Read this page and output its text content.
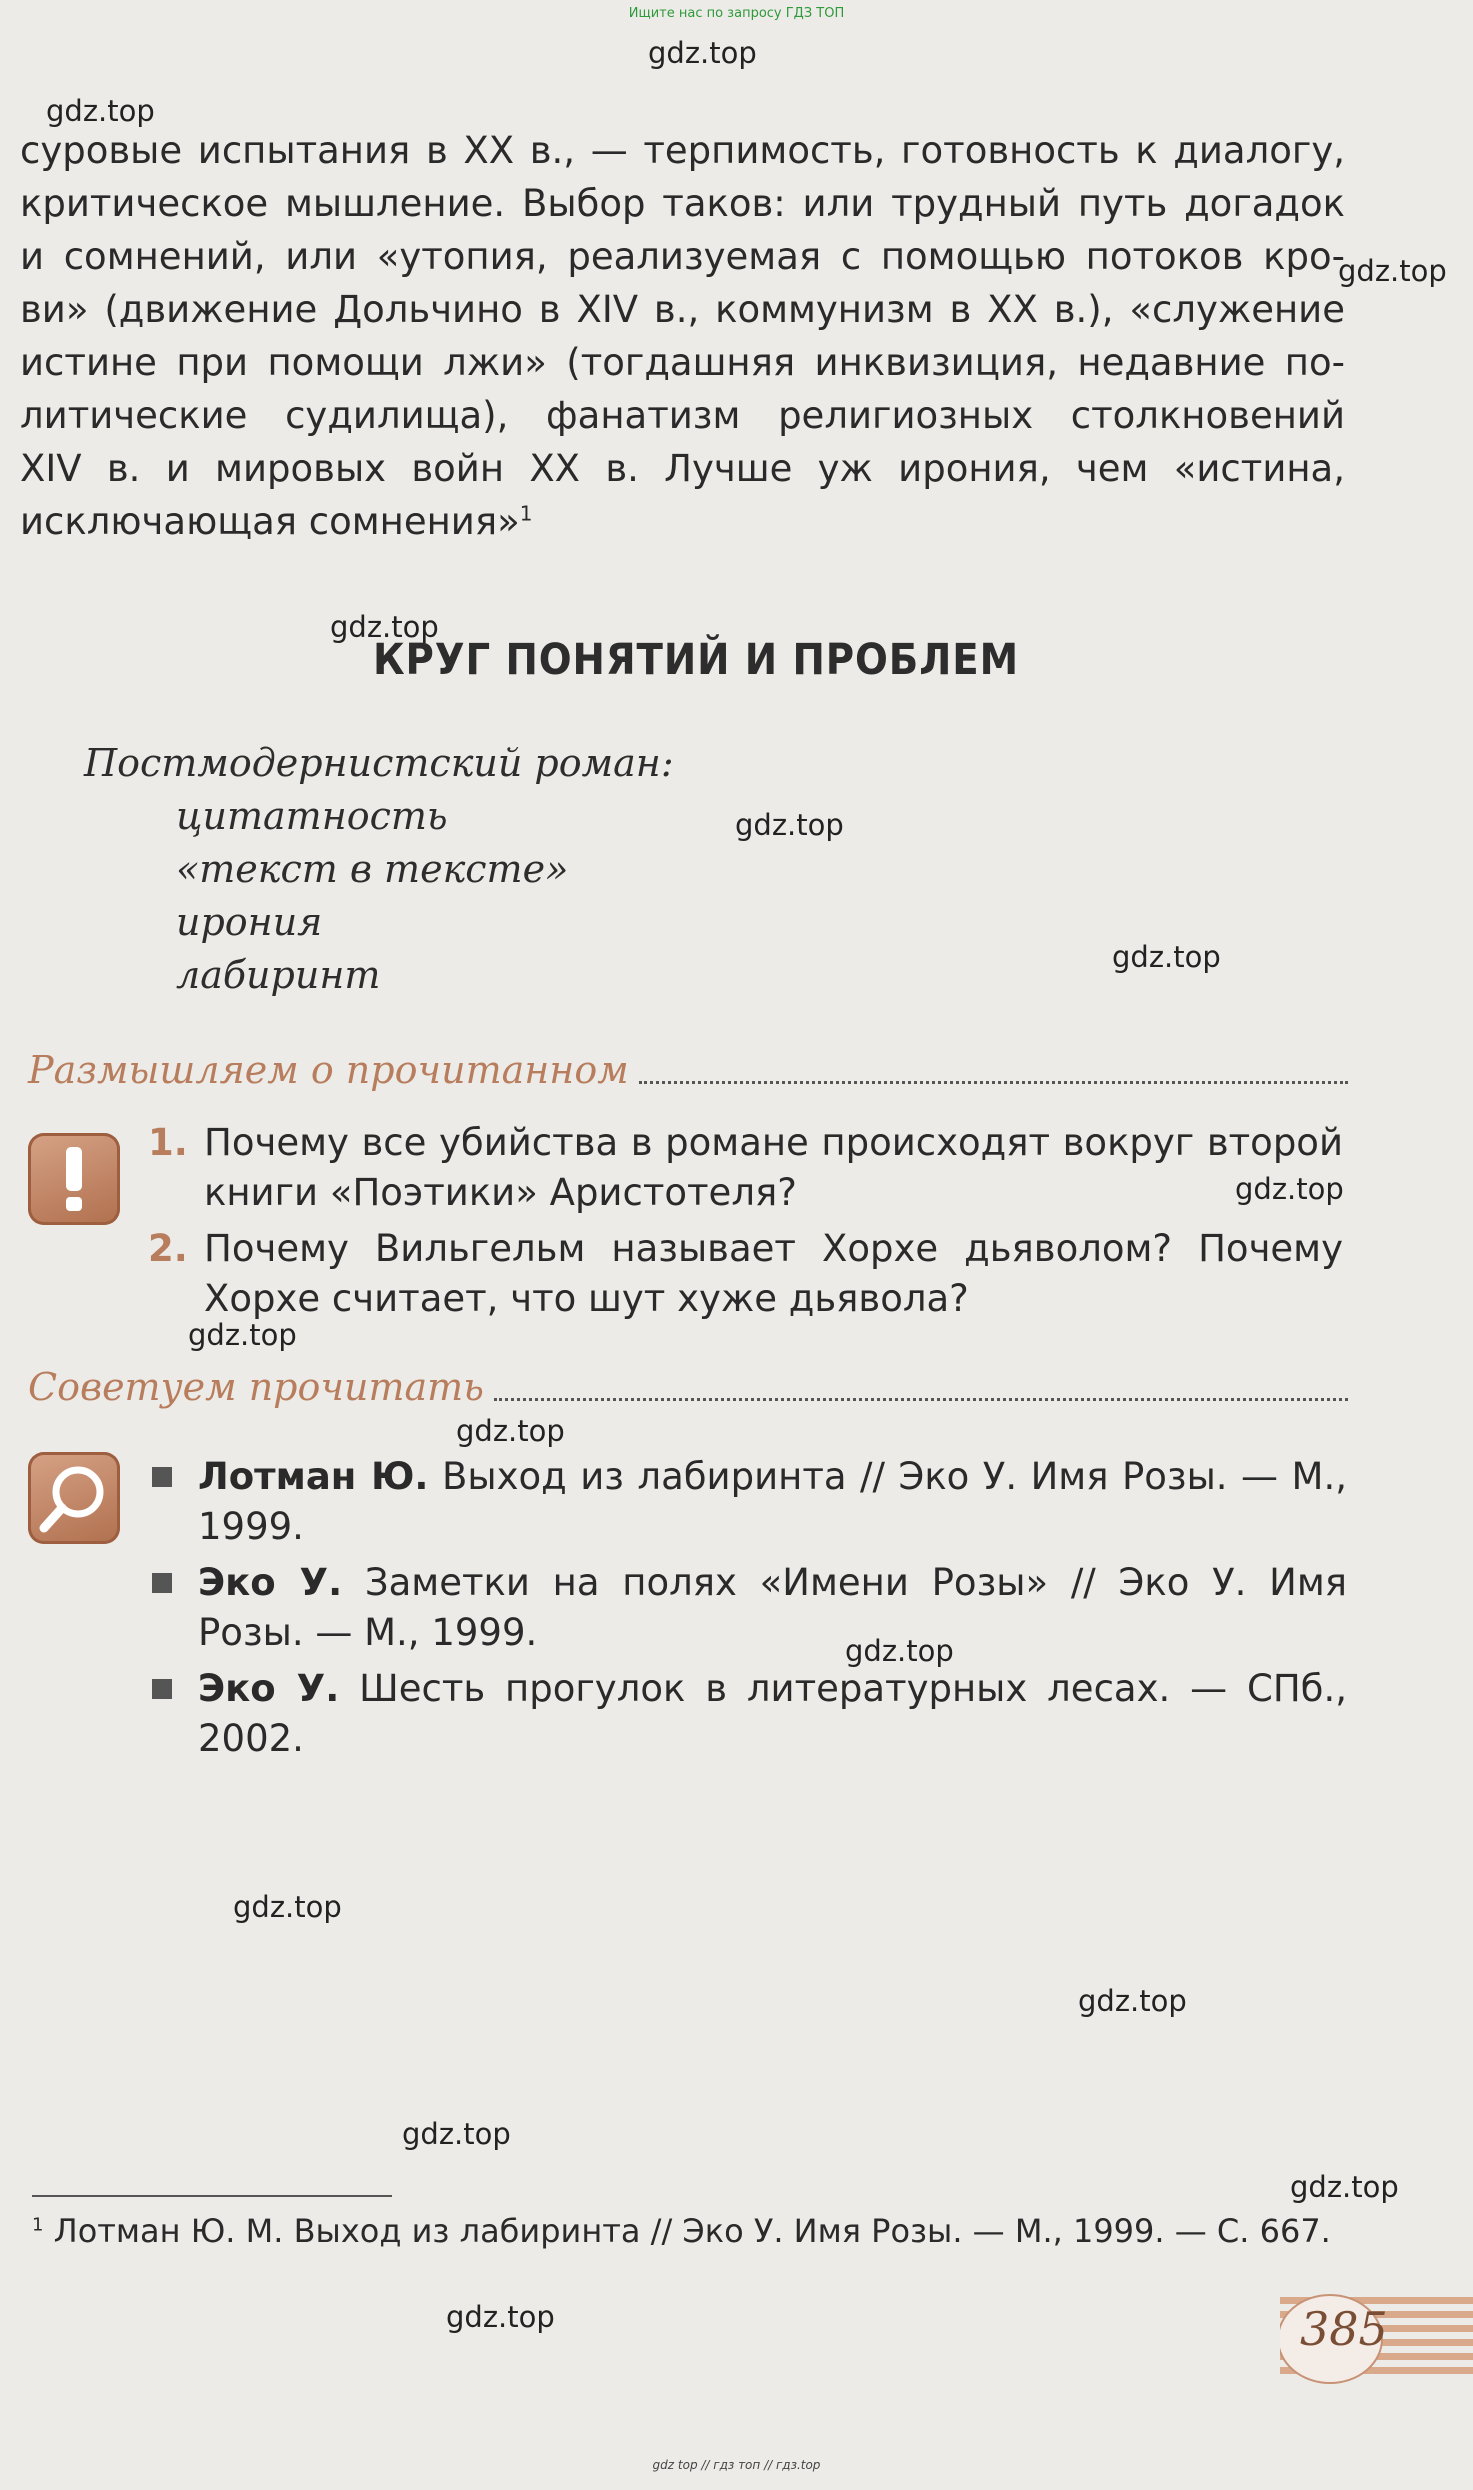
Ищите нас по запросу ГДЗ ТОП
gdz.top
gdz.top
gdz.top
gdz.top
gdz.top
gdz.top
gdz.top
gdz.top
gdz.top
gdz.top
gdz.top
gdz.top
gdz.top
gdz.top
gdz.top

суровые испытания в XX в., — терпимость, готовность к диалогу,

критическое мышление. Выбор таков: или трудный путь догадок

и сомнений, или «утопия, реализуемая с помощью потоков кро-

ви» (движение Дольчино в XIV в., коммунизм в XX в.), «служение

истине при помощи лжи» (тогдашняя инквизиция, недавние по-

литические судилища), фанатизм религиозных столкновений

XIV в. и мировых войн XX в. Лучше уж ирония, чем «истина,

исключающая сомнения»$^1$

КРУГ ПОНЯТИЙ И ПРОБЛЕМ
Постмодернистский роман:
цитатность
«текст в тексте»
ирония
лабиринт
Размышляем о прочитанном
1. Почему все убийства в романе происходят вокруг второй книги «Поэтики» Аристотеля?
2. Почему Вильгельм называет Хорхе дьяволом? Почему Хорхе считает, что шут хуже дьявола?
Советуем прочитать
Лотман Ю. Выход из лабиринта // Эко У. Имя Розы. — М., 1999.
Эко У. Заметки на полях «Имени Розы» // Эко У. Имя Розы. — М., 1999.
Эко У. Шесть прогулок в литературных лесах. — СПб., 2002.
$^1$ Лотман Ю. М. Выход из лабиринта // Эко У. Имя Розы. — М., 1999. — С. 667.
385
gdz top // гдз топ // гдз.top
